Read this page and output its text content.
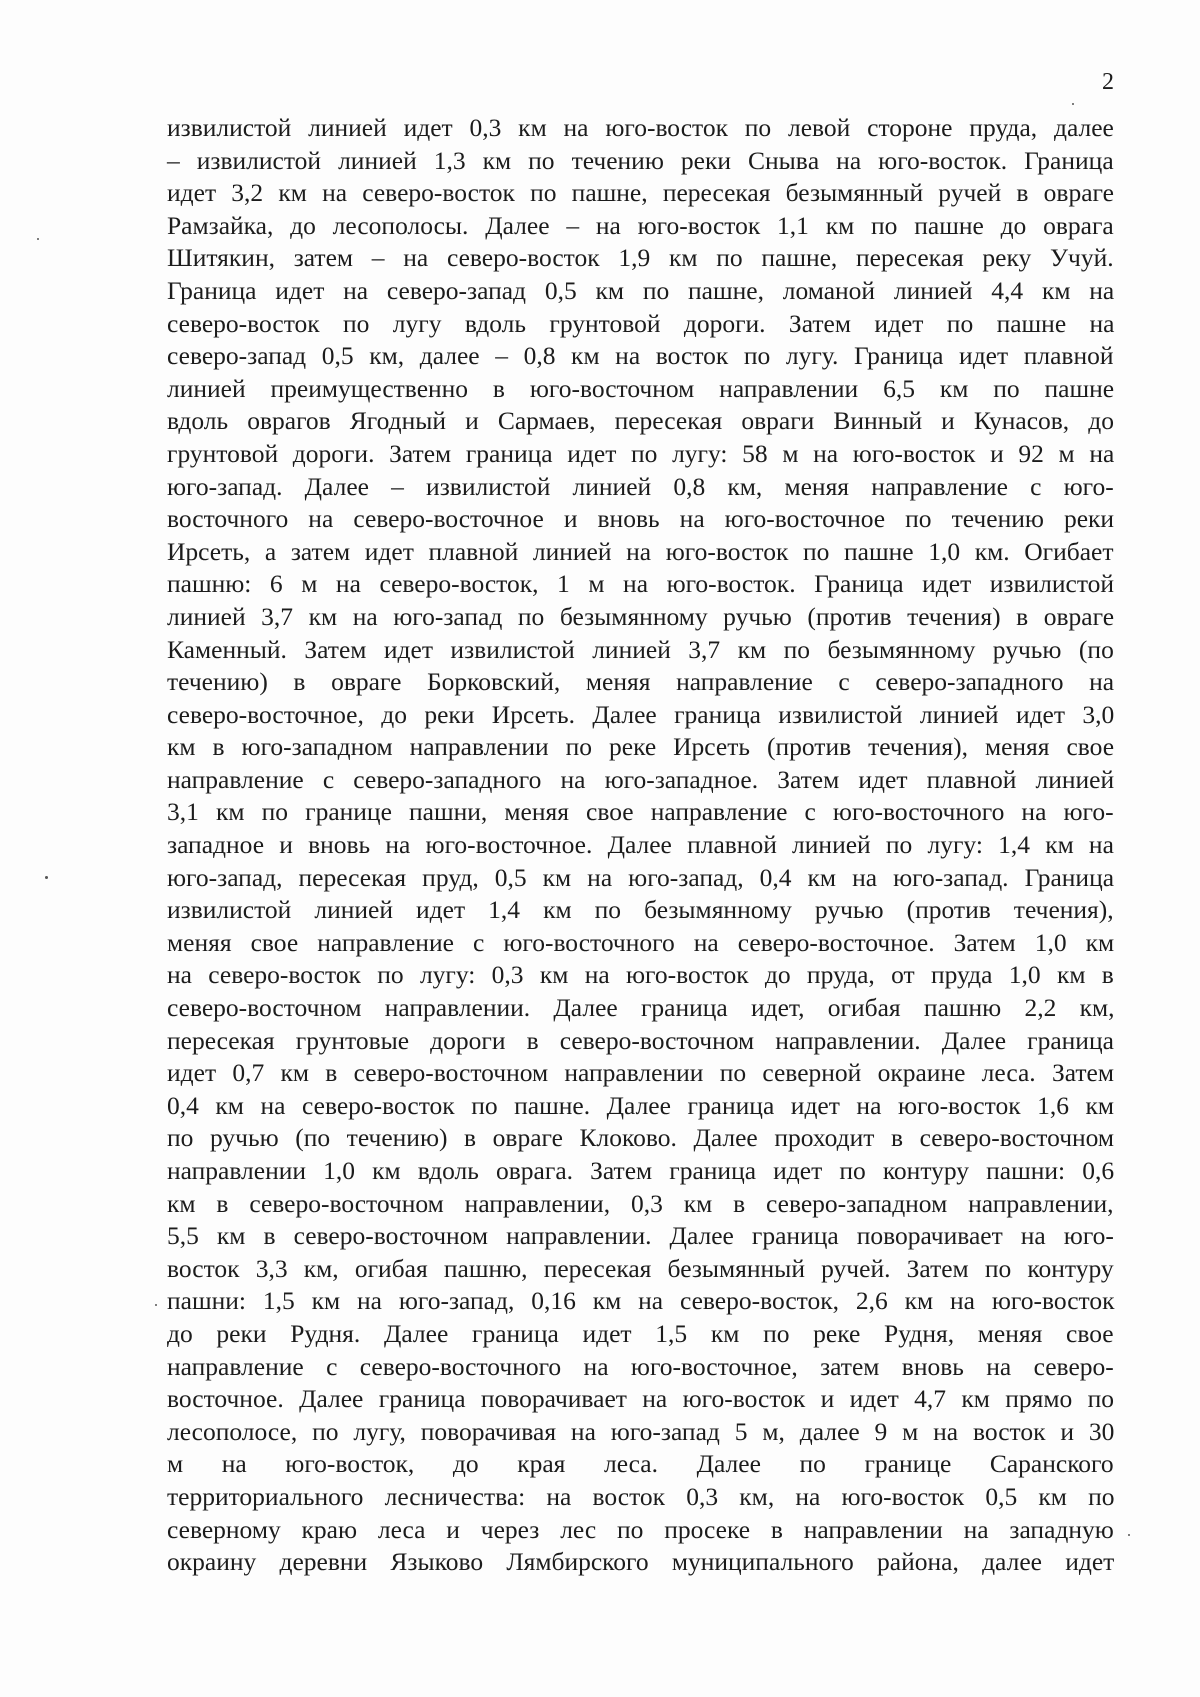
2
извилистой линией идет 0,3 км на юго-восток по левой стороне пруда, далее
– извилистой линией 1,3 км по течению реки Снывa на юго-восток. Граница
идет 3,2 км на северо-восток по пашне, пересекая безымянный ручей в овраге
Рамзайка, до лесополосы. Далее – на юго-восток 1,1 км по пашне до оврага
Шитякин, затем – на северо-восток 1,9 км по пашне, пересекая реку Учуй.
Граница идет на северо-запад 0,5 км по пашне, ломаной линией 4,4 км на
северо-восток по лугу вдоль грунтовой дороги. Затем идет по пашне на
северо-запад 0,5 км, далее – 0,8 км на восток по лугу. Граница идет плавной
линией преимущественно в юго-восточном направлении 6,5 км по пашне
вдоль оврагов Ягодный и Сармаев, пересекая овраги Винный и Кунасов, до
грунтовой дороги. Затем граница идет по лугу: 58 м на юго-восток и 92 м на
юго-запад. Далее – извилистой линией 0,8 км, меняя направление с юго-
восточного на северо-восточное и вновь на юго-восточное по течению реки
Ирсеть, а затем идет плавной линией на юго-восток по пашне 1,0 км. Огибает
пашню: 6 м на северо-восток, 1 м на юго-восток. Граница идет извилистой
линией 3,7 км на юго-запад по безымянному ручью (против течения) в овраге
Каменный. Затем идет извилистой линией 3,7 км по безымянному ручью (по
течению) в овраге Борковский, меняя направление с северо-западного на
северо-восточное, до реки Ирсеть. Далее граница извилистой линией идет 3,0
км в юго-западном направлении по реке Ирсеть (против течения), меняя свое
направление с северо-западного на юго-западное. Затем идет плавной линией
3,1 км по границе пашни, меняя свое направление с юго-восточного на юго-
западное и вновь на юго-восточное. Далее плавной линией по лугу: 1,4 км на
юго-запад, пересекая пруд, 0,5 км на юго-запад, 0,4 км на юго-запад. Граница
извилистой линией идет 1,4 км по безымянному ручью (против течения),
меняя свое направление с юго-восточного на северо-восточное. Затем 1,0 км
на северо-восток по лугу: 0,3 км на юго-восток до пруда, от пруда 1,0 км в
северо-восточном направлении. Далее граница идет, огибая пашню 2,2 км,
пересекая грунтовые дороги в северо-восточном направлении. Далее граница
идет 0,7 км в северо-восточном направлении по северной окраине леса. Затем
0,4 км на северо-восток по пашне. Далее граница идет на юго-восток 1,6 км
по ручью (по течению) в овраге Клоково. Далее проходит в северо-восточном
направлении 1,0 км вдоль оврага. Затем граница идет по контуру пашни: 0,6
км в северо-восточном направлении, 0,3 км в северо-западном направлении,
5,5 км в северо-восточном направлении. Далее граница поворачивает на юго-
восток 3,3 км, огибая пашню, пересекая безымянный ручей. Затем по контуру
пашни: 1,5 км на юго-запад, 0,16 км на северо-восток, 2,6 км на юго-восток
до реки Рудня. Далее граница идет 1,5 км по реке Рудня, меняя свое
направление с северо-восточного на юго-восточное, затем вновь на северо-
восточное. Далее граница поворачивает на юго-восток и идет 4,7 км прямо по
лесополосе, по лугу, поворачивая на юго-запад 5 м, далее 9 м на восток и 30
м на юго-восток, до края леса. Далее по границе Саранского
территориального лесничества: на восток 0,3 км, на юго-восток 0,5 км по
северному краю леса и через лес по просеке в направлении на западную
окраину деревни Языково Лямбирского муниципального района, далее идет
